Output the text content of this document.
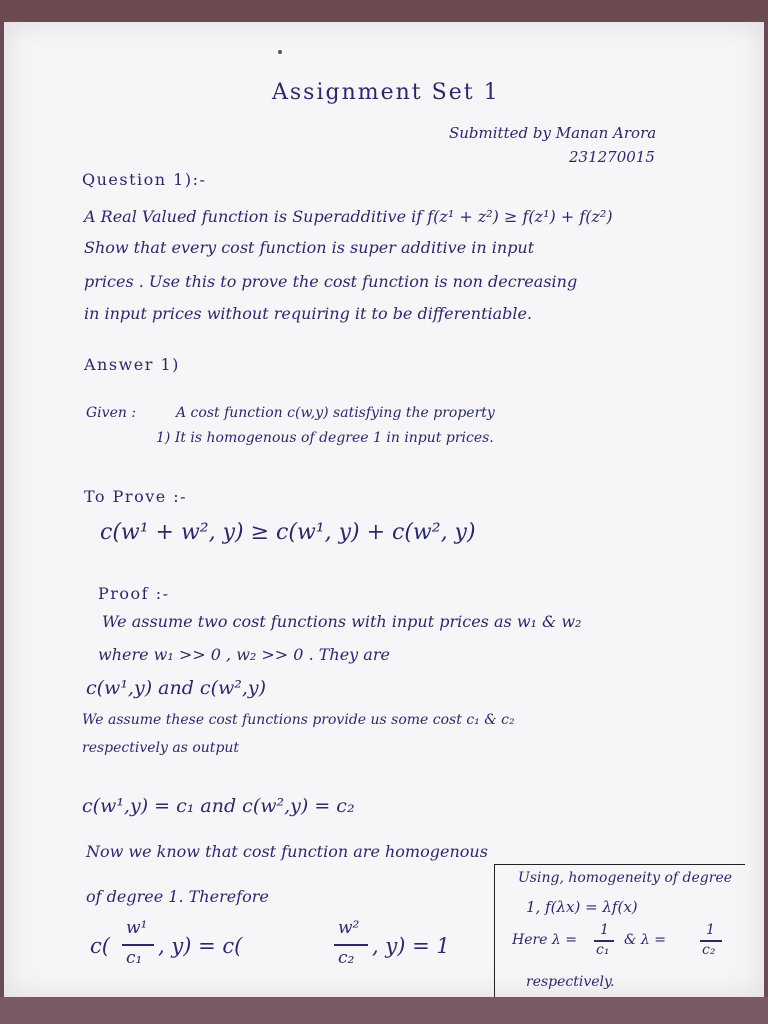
Assignment Set 1
Submitted by Manan Arora
231270015
Question 1):-
A Real Valued function is Superadditive if f(z¹ + z²) ≥ f(z¹) + f(z²)
Show that every cost function is super additive in input
prices . Use this to prove the cost function is non decreasing
in input prices without requiring it to be differentiable.
Answer 1)
Given :	A cost function c(w,y) satisfying the property
1) It is homogenous of degree 1 in input prices.
To Prove :-
c(w¹ + w², y) ≥ c(w¹, y) + c(w², y)
Proof :-
We assume two cost functions with input prices as w₁ & w₂
where w₁ >> 0 , w₂ >> 0 . They are
c(w¹,y) and c(w²,y)
We assume these cost functions provide us some cost c₁ & c₂
respectively as output
c(w¹,y) = c₁ and c(w²,y) = c₂
Now we know that cost function are homogenous
of degree 1. Therefore
c(
w¹
c₁ , y) = c(
w²
c₂ , y) = 1
Using, homogeneity of degree
1, f(λx) = λf(x)
Here λ =
1
c₁
& λ =
1
c₂
respectively.
